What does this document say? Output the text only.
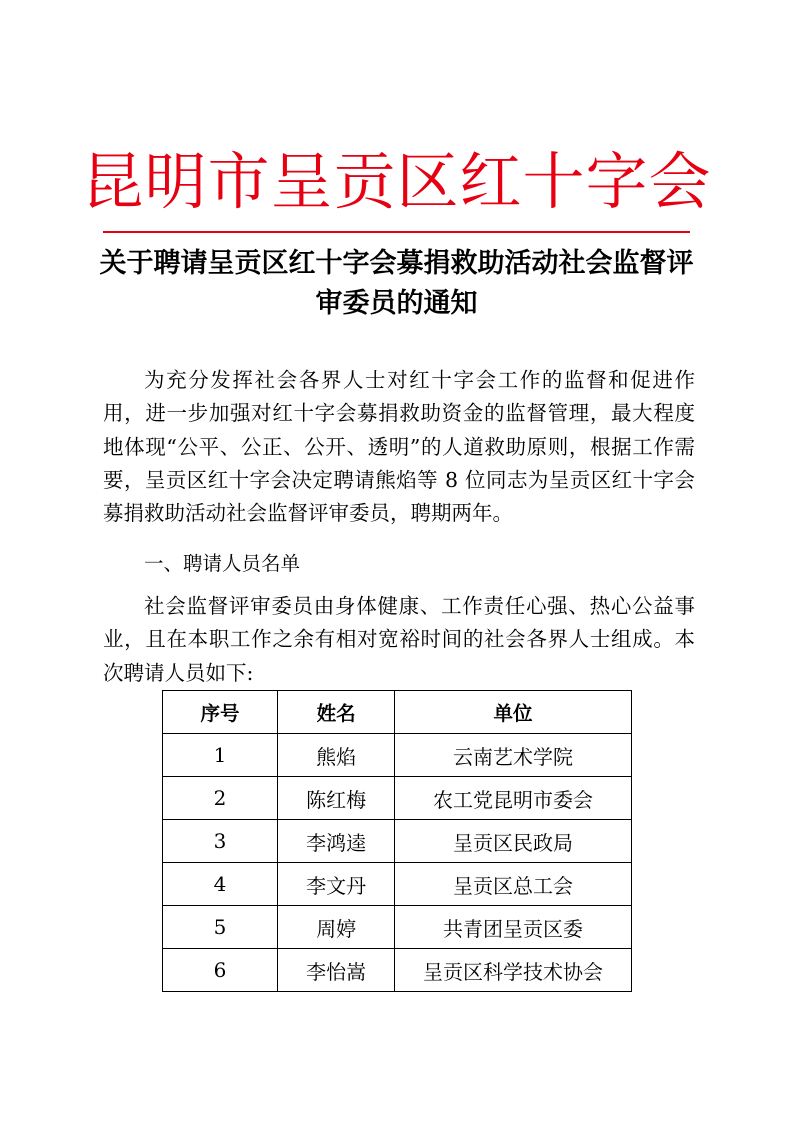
昆明市呈贡区红十字会
关于聘请呈贡区红十字会募捐救助活动社会监督评审委员的通知

为充分发挥社会各界人士对红十字会工作的监督和促进作用，进一步加强对红十字会募捐救助资金的监督管理，最大程度地体现“公平、公正、公开、透明”的人道救助原则，根据工作需要，呈贡区红十字会决定聘请熊焰等 8 位同志为呈贡区红十字会募捐救助活动社会监督评审委员，聘期两年。

一、聘请人员名单

社会监督评审委员由身体健康、工作责任心强、热心公益事业，且在本职工作之余有相对宽裕时间的社会各界人士组成。本次聘请人员如下:

序号	姓名	单位
1	熊焰	云南艺术学院
2	陈红梅	农工党昆明市委会
3	李鸿逵	呈贡区民政局
4	李文丹	呈贡区总工会
5	周婷	共青团呈贡区委
6	李怡嵩	呈贡区科学技术协会
